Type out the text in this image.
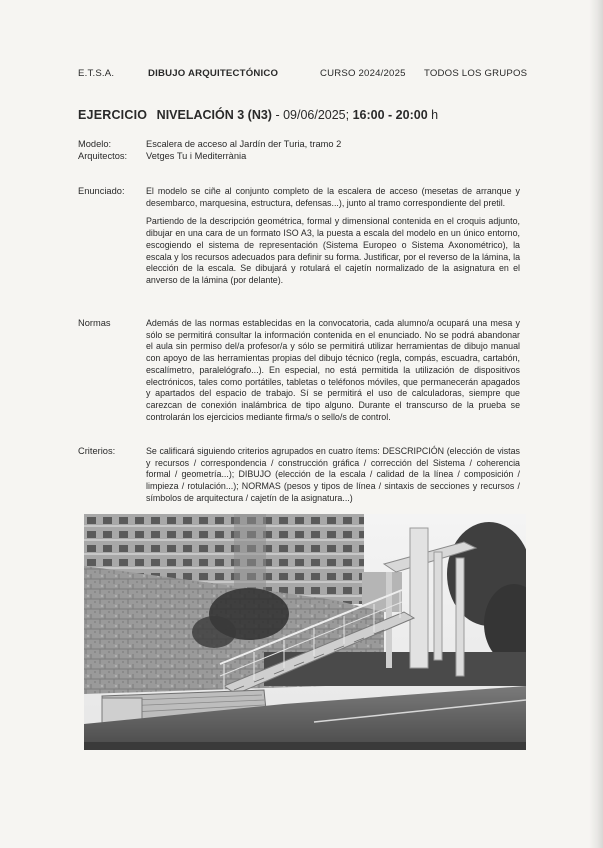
E.T.S.A.	DIBUJO ARQUITECTÓNICO	CURSO 2024/2025 TODOS LOS GRUPOS
EJERCICIO NIVELACIÓN 3 (N3) - 09/06/2025; 16:00 - 20:00 h
Modelo:	Escalera de acceso al Jardín der Turia, tramo 2
Arquitectos: Vetges Tu i Mediterrània
Enunciado: El modelo se ciñe al conjunto completo de la escalera de acceso (mesetas de arranque y desembarco, marquesina, estructura, defensas...), junto al tramo correspondiente del pretil.

Partiendo de la descripción geométrica, formal y dimensional contenida en el croquis adjunto, dibujar en una cara de un formato ISO A3, la puesta a escala del modelo en un único entorno, escogiendo el sistema de representación (Sistema Europeo o Sistema Axonométrico), la escala y los recursos adecuados para definir su forma. Justificar, por el reverso de la lámina, la elección de la escala. Se dibujará y rotulará el cajetín normalizado de la asignatura en el anverso de la lámina (por delante).

Normas	Además de las normas establecidas en la convocatoria, cada alumno/a ocupará una mesa y sólo se permitirá consultar la información contenida en el enunciado. No se podrá abandonar el aula sin permiso del/a profesor/a y sólo se permitirá utilizar herramientas de dibujo manual con apoyo de las herramientas propias del dibujo técnico (regla, compás, escuadra, cartabón, escalímetro, paralelógrafo...). En especial, no está permitida la utilización de dispositivos electrónicos, tales como portátiles, tabletas o teléfonos móviles, que permanecerán apagados y apartados del espacio de trabajo. Sí se permitirá el uso de calculadoras, siempre que carezcan de conexión inalámbrica de tipo alguno. Durante el transcurso de la prueba se controlarán los ejercicios mediante firma/s o sello/s de control.

Criterios:	Se calificará siguiendo criterios agrupados en cuatro ítems: DESCRIPCIÓN (elección de vistas y recursos / correspondencia / construcción gráfica / corrección del Sistema / coherencia formal / geometría...); DIBUJO (elección de la escala / calidad de la línea / composición / limpieza / rotulación...); NORMAS (pesos y tipos de línea / sintaxis de secciones y recursos / símbolos de arquitectura / cajetín de la asignatura...)
